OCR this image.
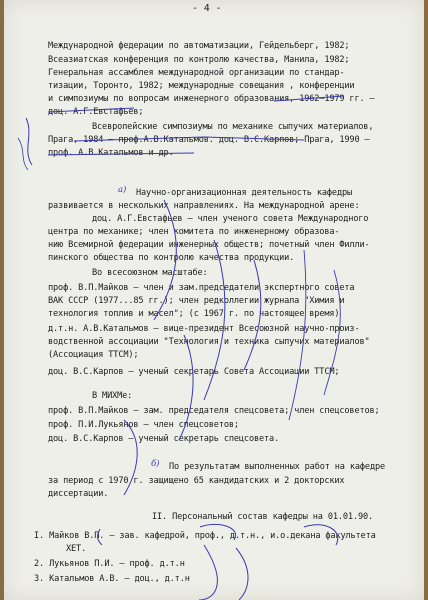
- 4 -
Международной федерации по автоматизации, Гейдельберг, 1982;
Всеазиатская конференция по контролю качества, Манила, 1982;
Генеральная ассамблея международной организации по стандар-
тизации, Торонто, 1982; международные совещания , конференции
и симпозиумы по вопросам инженерного образования, 1962–1979 гг. –
доц. А.Г.Евстафьев;
Всевропейские симпозиумы по механике сыпучих материалов,
Прага, 1984 – проф.А.В.Катальмов. доц. В.С.Карпов; Прага, 1990 –
проф. А.В.Катальмов и др.
а) Научно-организационная деятельность кафедры
развивается в нескольких направлениях. На международной арене:
доц. А.Г.Евстафьев – член ученого совета Международного
центра по механике; член комитета по инженерному образова-
нию Всемирной федерации инженерных обществ; почетный член Филли-
пинского общества по контролю качества продукции.
Во всесоюзном масштабе:
проф. В.П.Майков – член и зам.председатели экспертного совета
ВАК СССР (1977...85 гг.); член редколлегии журнала "Химия и
технология топлив и масел"; (с 1967 г. по настоящее время)
д.т.н. А.В.Катальмов – вице-президент Всесоюзной научно-произ-
водственной ассоциации "Технология и техника сыпучих материалов"
(Ассоциация ТТСМ);
доц. В.С.Карпов – ученый секретарь Совета Ассоциации ТТСМ;
В МИХМе:
проф. В.П.Майков – зам. председателя спецсовета; член спецсоветов;
проф. П.И.Лукьянов – член спецсоветов;
доц. В.С.Карпов – ученый секретарь спецсовета.
б) По результатам выполненных работ на кафедре
за период с 1970 г. защищено 65 кандидатских и 2 докторских
диссертации.
II. Персональный состав кафедры на 01.01.90.
I. Майков В.П. – зав. кафедрой, проф., д.т.н., и.о.декана факультета
ХЕТ.
2. Лукьянов П.И. – проф. д.т.н
3. Катальмов А.В. – доц., д.т.н
